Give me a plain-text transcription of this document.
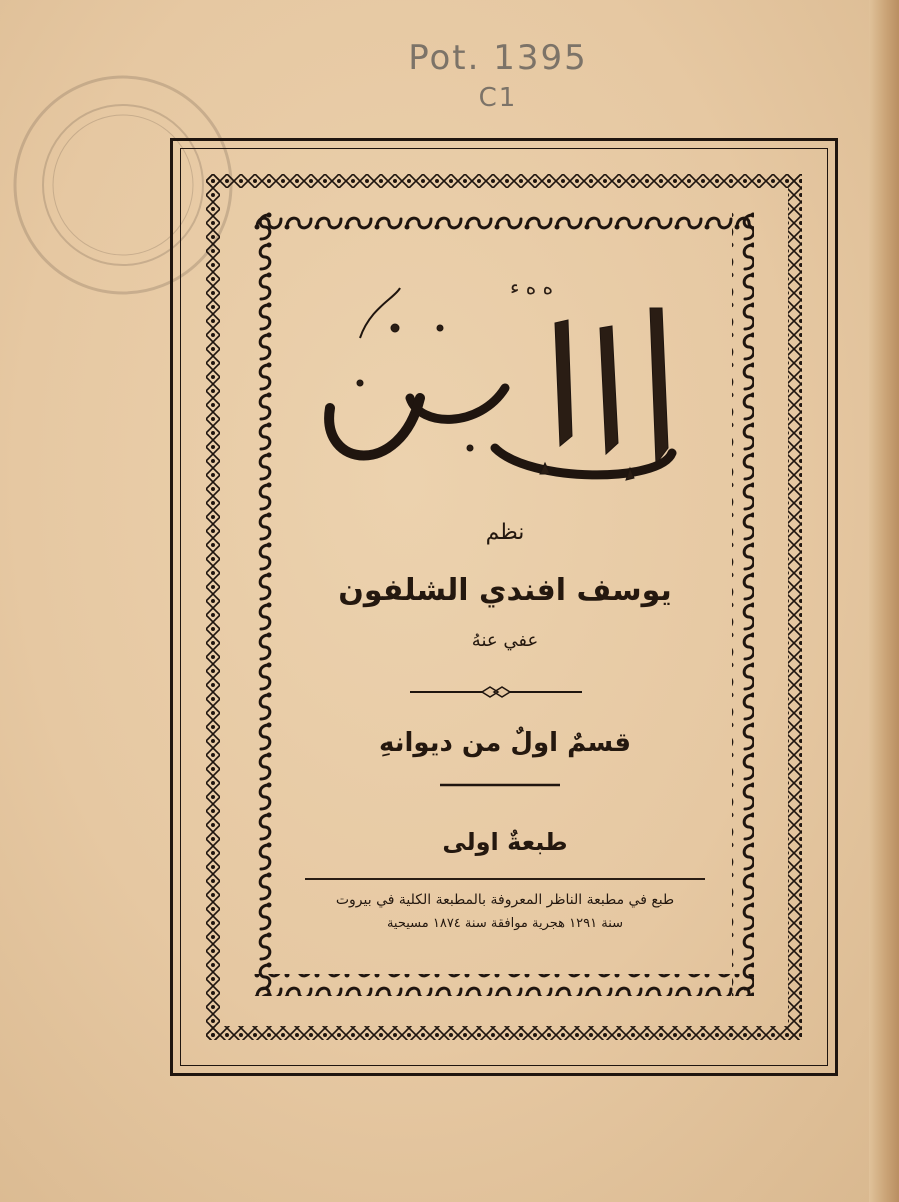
Pot. 1395
C1
ه ه ء
نظم
يوسف افندي الشلفون
عفي عنهُ
قسمٌ اولٌ من ديوانهِ
طبعةٌ اولى
طبع في مطبعة الناظر المعروفة بالمطبعة الكلية في بيروت
سنة ١٢٩١ هجرية موافقة سنة ١٨٧٤ مسيحية
